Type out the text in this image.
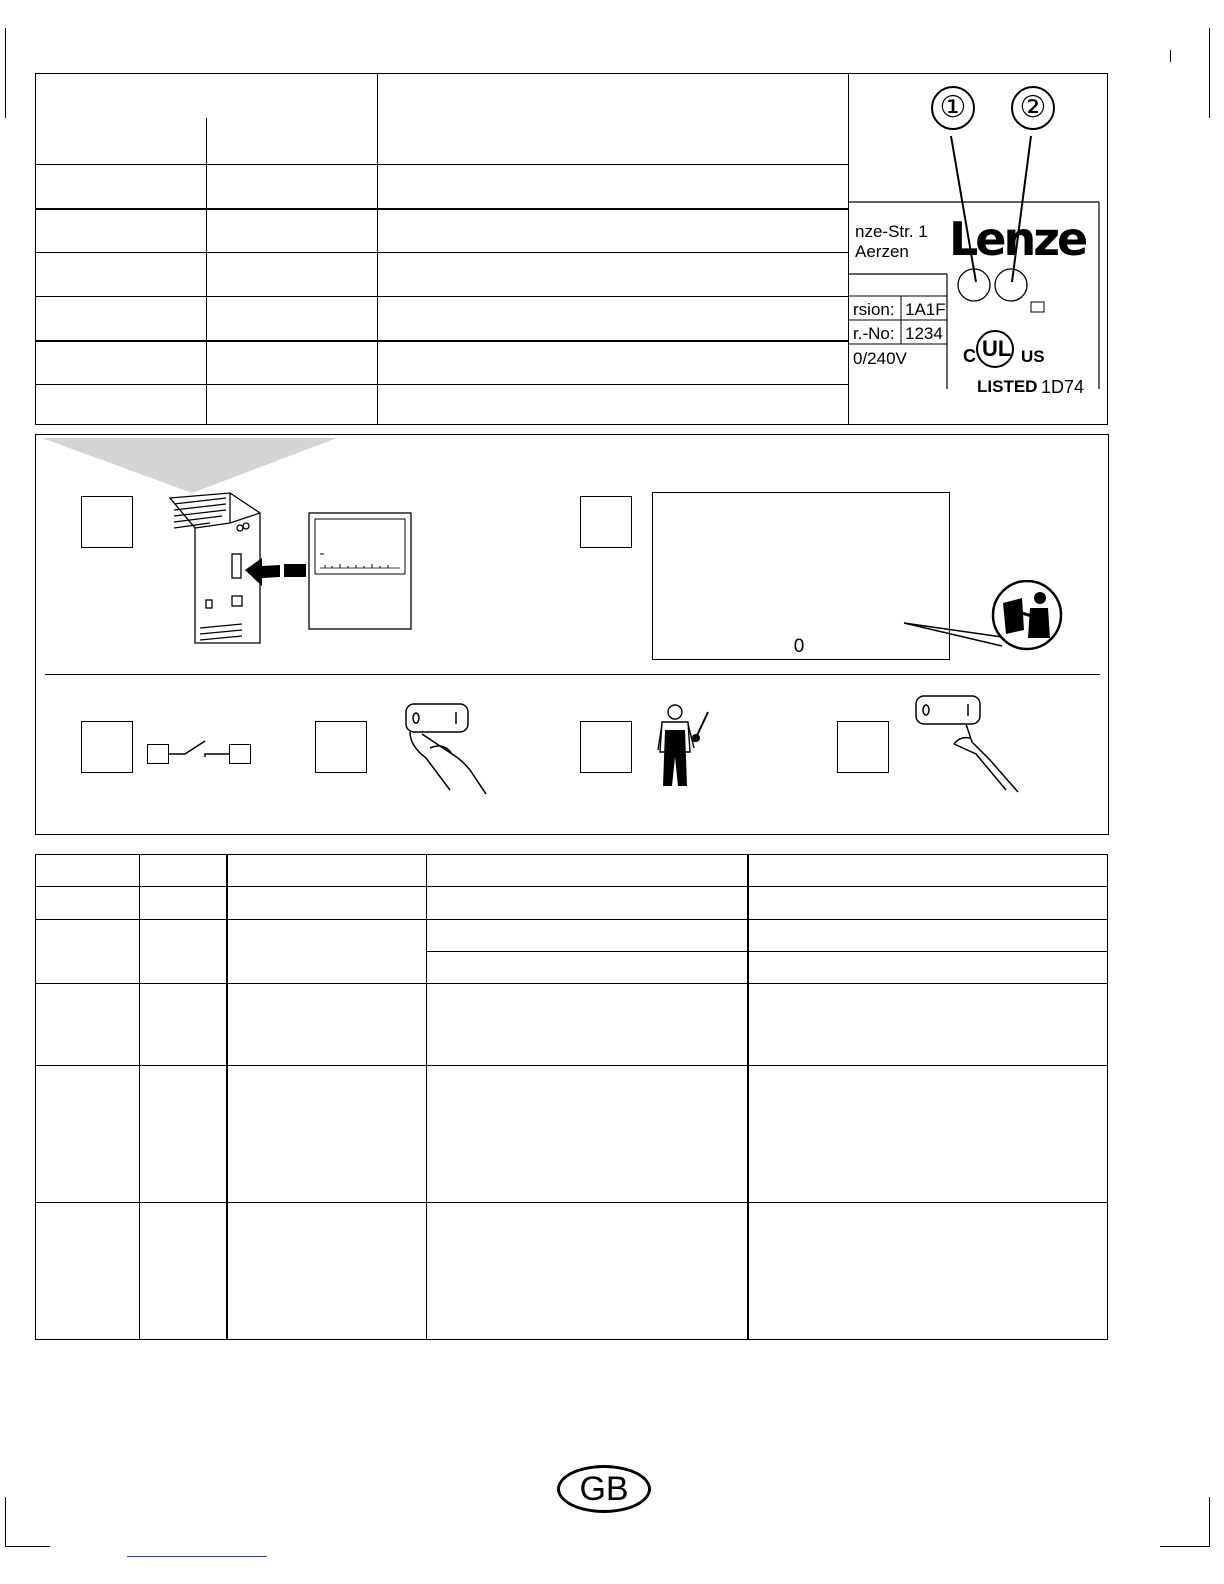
① ②
nze-Str. 1
Aerzen Lenze
rsion: 1A1F
r.-No: 1234
0/240V	C UL US
LISTED 1D74
0
GB
